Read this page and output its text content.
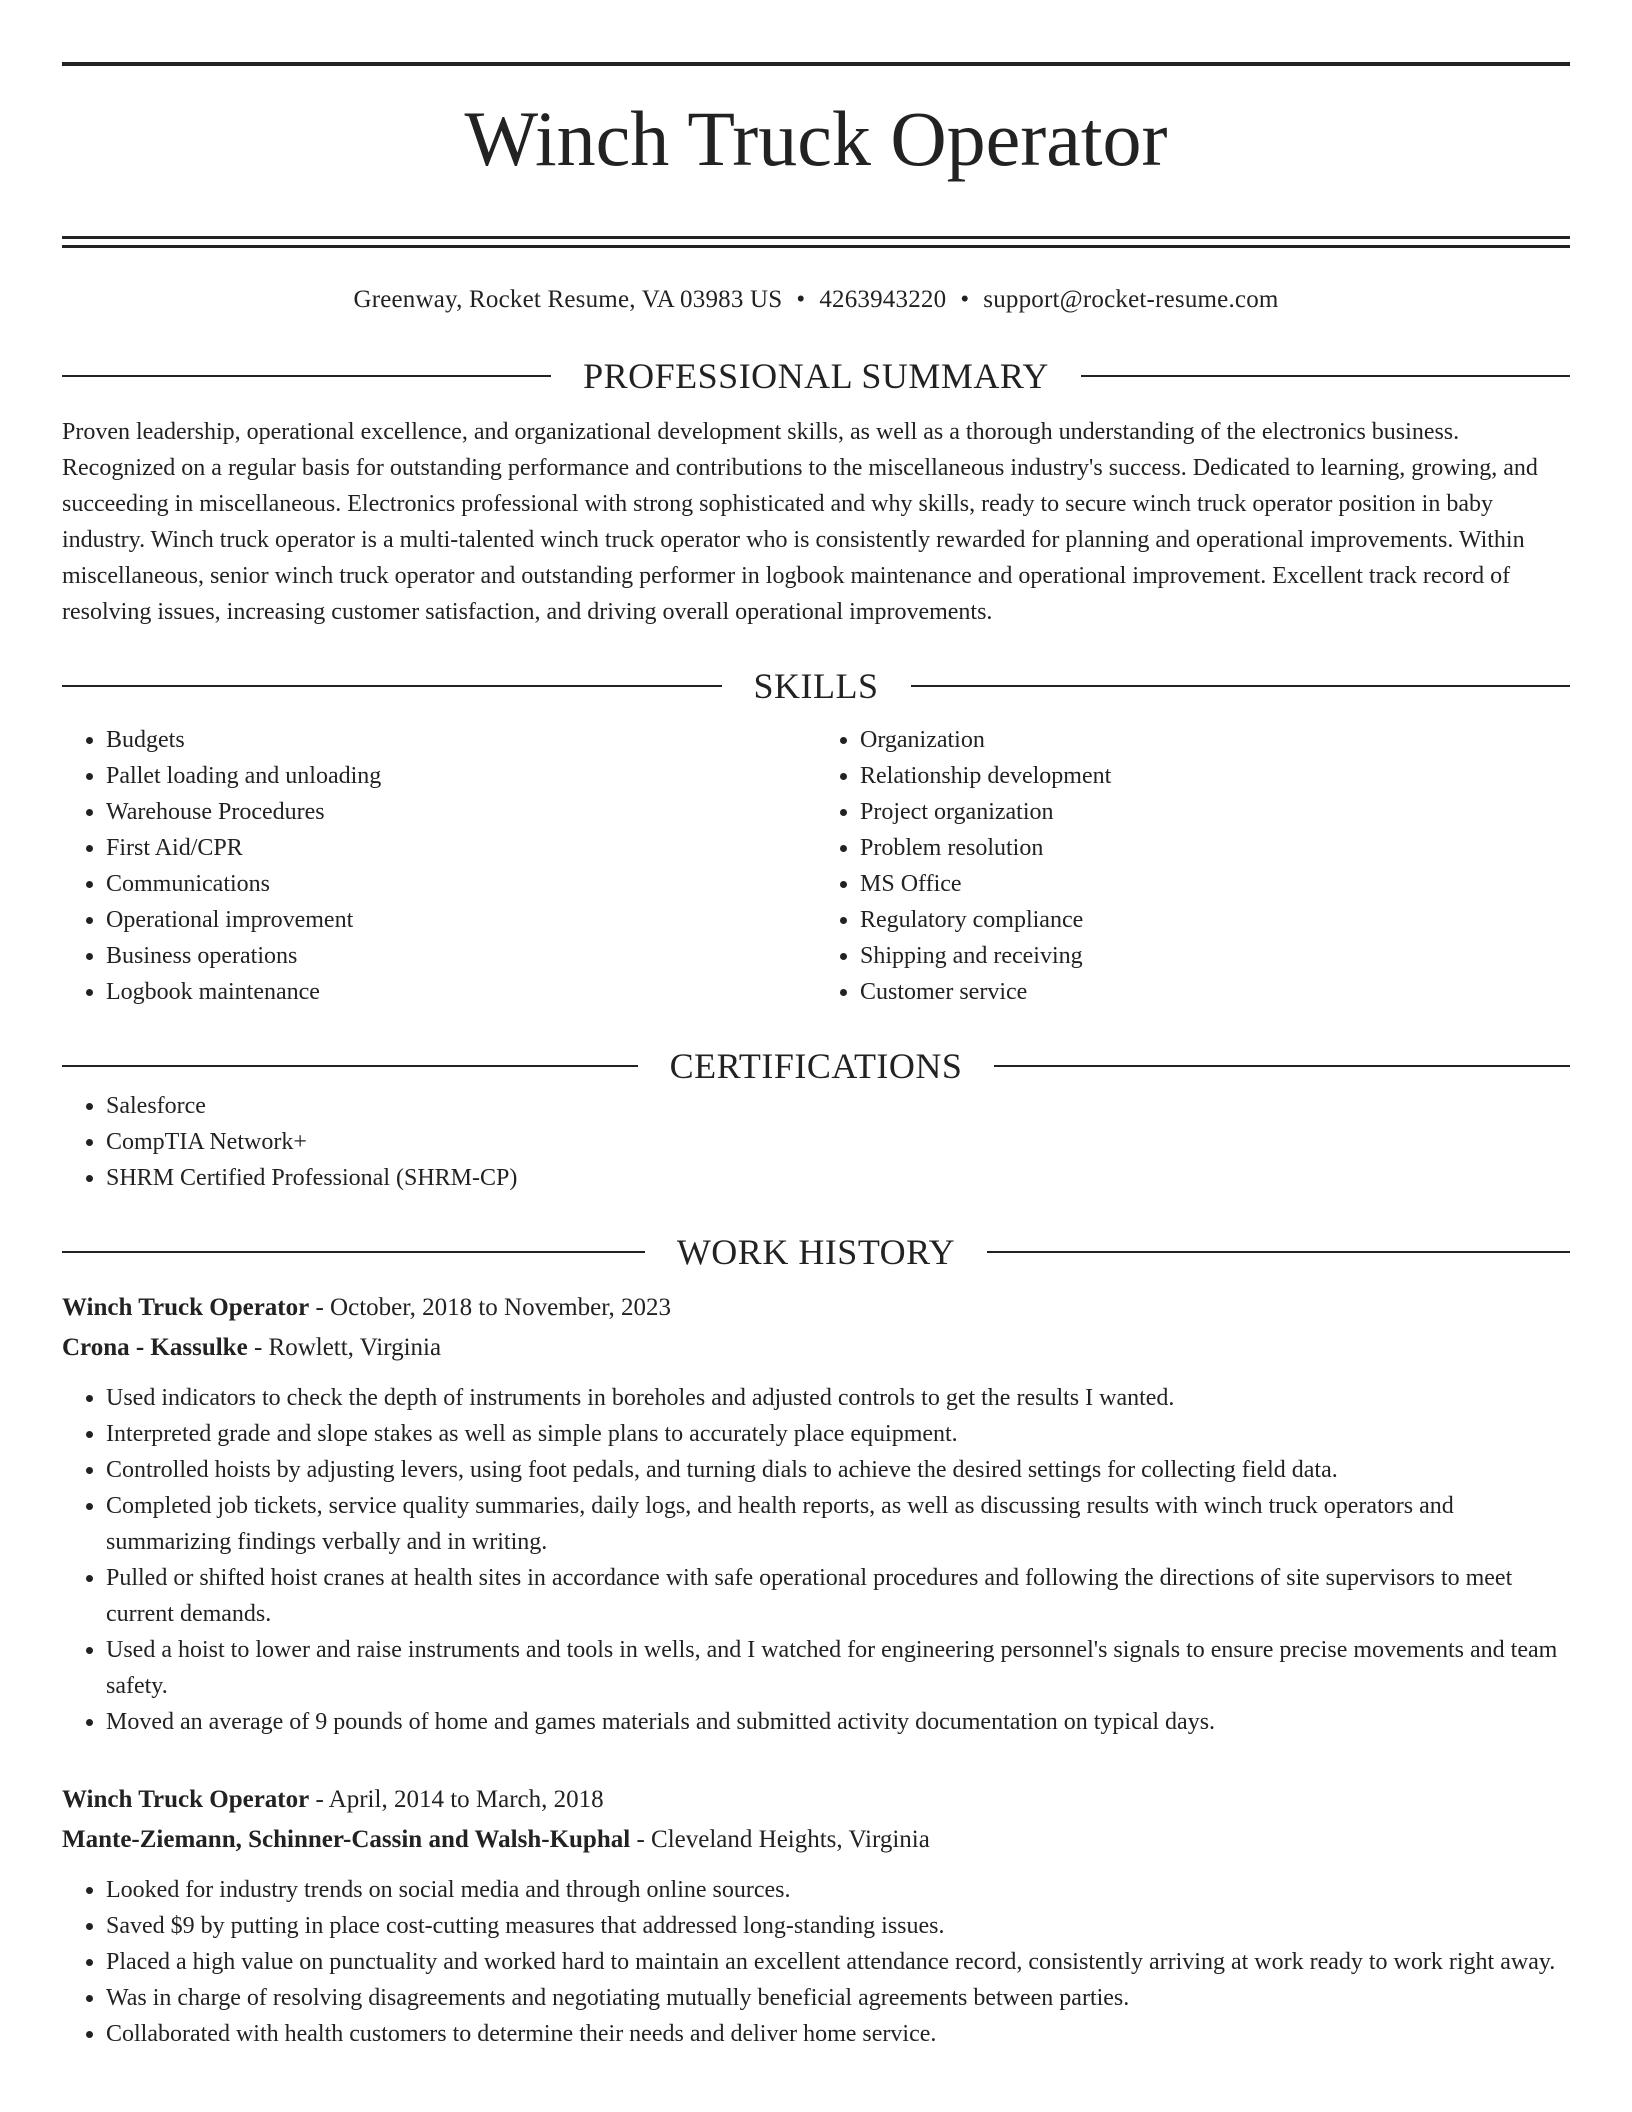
Winch Truck Operator
Greenway, Rocket Resume, VA 03983 US • 4263943220 • support@rocket-resume.com
PROFESSIONAL SUMMARY

Proven leadership, operational excellence, and organizational development skills, as well as a thorough understanding of the electronics business. Recognized on a regular basis for outstanding performance and contributions to the miscellaneous industry's success. Dedicated to learning, growing, and succeeding in miscellaneous. Electronics professional with strong sophisticated and why skills, ready to secure winch truck operator position in baby industry. Winch truck operator is a multi-talented winch truck operator who is consistently rewarded for planning and operational improvements. Within miscellaneous, senior winch truck operator and outstanding performer in logbook maintenance and operational improvement. Excellent track record of resolving issues, increasing customer satisfaction, and driving overall operational improvements.

SKILLS
• Budgets
• Pallet loading and unloading
• Warehouse Procedures
• First Aid/CPR
• Communications
• Operational improvement
• Business operations
• Logbook maintenance
• Organization
• Relationship development
• Project organization
• Problem resolution
• MS Office
• Regulatory compliance
• Shipping and receiving
• Customer service
CERTIFICATIONS
• Salesforce
• CompTIA Network+
• SHRM Certified Professional (SHRM-CP)
WORK HISTORY
Winch Truck Operator - October, 2018 to November, 2023
Crona - Kassulke - Rowlett, Virginia
• Used indicators to check the depth of instruments in boreholes and adjusted controls to get the results I wanted.
• Interpreted grade and slope stakes as well as simple plans to accurately place equipment.
• Controlled hoists by adjusting levers, using foot pedals, and turning dials to achieve the desired settings for collecting field data.
• Completed job tickets, service quality summaries, daily logs, and health reports, as well as discussing results with winch truck operators and summarizing findings verbally and in writing.
• Pulled or shifted hoist cranes at health sites in accordance with safe operational procedures and following the directions of site supervisors to meet current demands.
• Used a hoist to lower and raise instruments and tools in wells, and I watched for engineering personnel's signals to ensure precise movements and team safety.
• Moved an average of 9 pounds of home and games materials and submitted activity documentation on typical days.
Winch Truck Operator - April, 2014 to March, 2018
Mante-Ziemann, Schinner-Cassin and Walsh-Kuphal - Cleveland Heights, Virginia
• Looked for industry trends on social media and through online sources.
• Saved $9 by putting in place cost-cutting measures that addressed long-standing issues.
• Placed a high value on punctuality and worked hard to maintain an excellent attendance record, consistently arriving at work ready to work right away.
• Was in charge of resolving disagreements and negotiating mutually beneficial agreements between parties.
• Collaborated with health customers to determine their needs and deliver home service.
